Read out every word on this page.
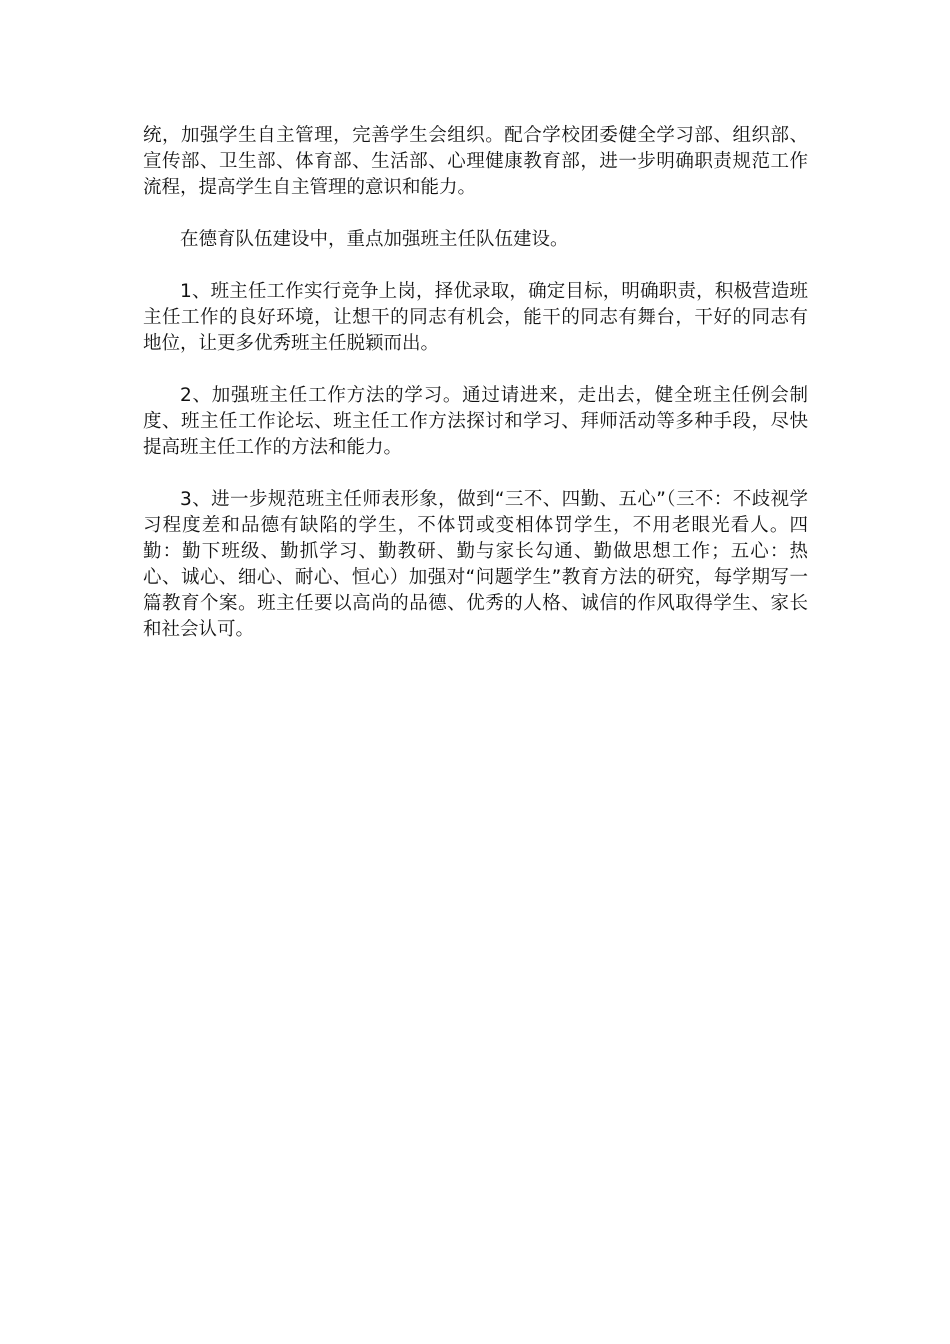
统，加强学生自主管理，完善学生会组织。配合学校团委健全学习部、组织部、宣传部、卫生部、体育部、生活部、心理健康教育部，进一步明确职责规范工作流程，提高学生自主管理的意识和能力。

在德育队伍建设中，重点加强班主任队伍建设。

1、班主任工作实行竞争上岗，择优录取，确定目标，明确职责，积极营造班主任工作的良好环境，让想干的同志有机会，能干的同志有舞台，干好的同志有地位，让更多优秀班主任脱颖而出。

2、加强班主任工作方法的学习。通过请进来，走出去，健全班主任例会制度、班主任工作论坛、班主任工作方法探讨和学习、拜师活动等多种手段，尽快提高班主任工作的方法和能力。

3、进一步规范班主任师表形象，做到“三不、四勤、五心”（三不：不歧视学习程度差和品德有缺陷的学生，不体罚或变相体罚学生，不用老眼光看人。四勤：勤下班级、勤抓学习、勤教研、勤与家长勾通、勤做思想工作；五心：热心、诚心、细心、耐心、恒心）加强对“问题学生”教育方法的研究，每学期写一篇教育个案。班主任要以高尚的品德、优秀的人格、诚信的作风取得学生、家长和社会认可。
